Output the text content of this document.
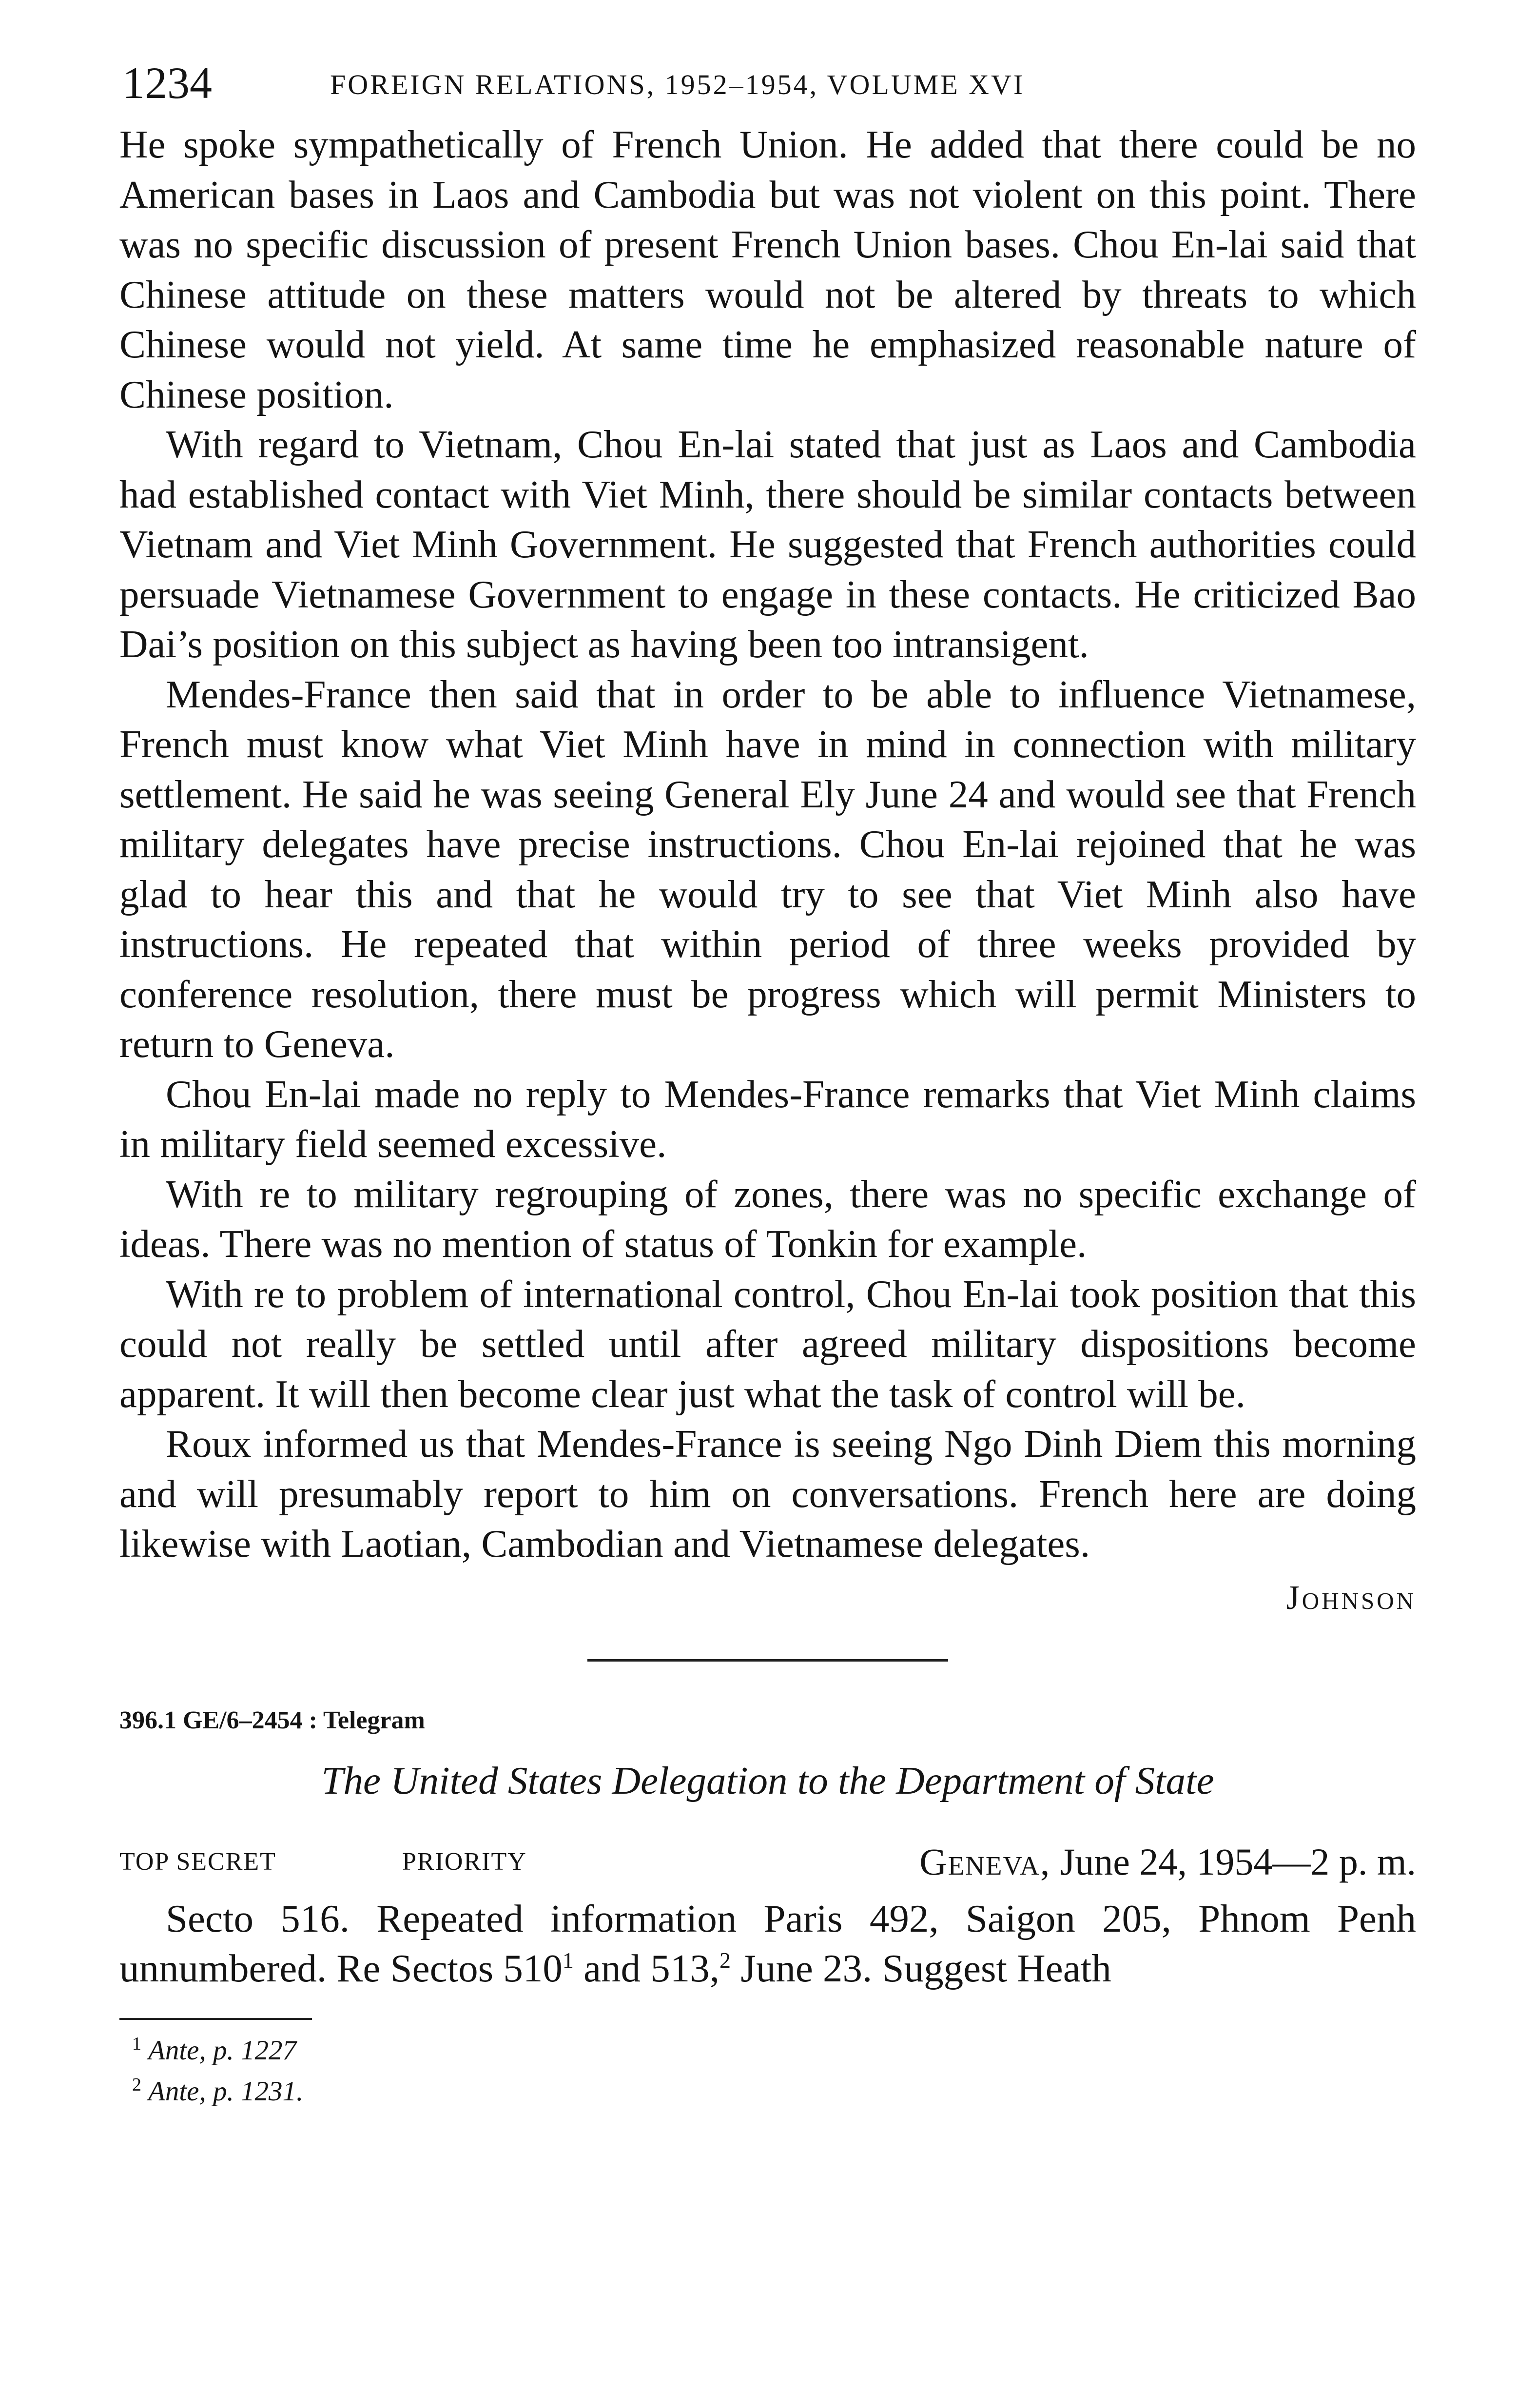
1234	FOREIGN RELATIONS, 1952–1954, VOLUME XVI

He spoke sympathetically of French Union. He added that there could be no American bases in Laos and Cambodia but was not violent on this point. There was no specific discussion of present French Union bases. Chou En-lai said that Chinese attitude on these matters would not be altered by threats to which Chinese would not yield. At same time he emphasized reasonable nature of Chinese position.

With regard to Vietnam, Chou En-lai stated that just as Laos and Cambodia had established contact with Viet Minh, there should be similar contacts between Vietnam and Viet Minh Government. He suggested that French authorities could persuade Vietnamese Government to engage in these contacts. He criticized Bao Dai’s position on this subject as having been too intransigent.

Mendes-France then said that in order to be able to influence Vietnamese, French must know what Viet Minh have in mind in connection with military settlement. He said he was seeing General Ely June 24 and would see that French military delegates have precise instructions. Chou En-lai rejoined that he was glad to hear this and that he would try to see that Viet Minh also have instructions. He repeated that within period of three weeks provided by conference resolution, there must be progress which will permit Ministers to return to Geneva.

Chou En-lai made no reply to Mendes-France remarks that Viet Minh claims in military field seemed excessive.

With re to military regrouping of zones, there was no specific exchange of ideas. There was no mention of status of Tonkin for example.

With re to problem of international control, Chou En-lai took position that this could not really be settled until after agreed military dispositions become apparent. It will then become clear just what the task of control will be.

Roux informed us that Mendes-France is seeing Ngo Dinh Diem this morning and will presumably report to him on conversations. French here are doing likewise with Laotian, Cambodian and Vietnamese delegates.

Johnson

396.1 GE/6–2454 : Telegram

The United States Delegation to the Department of State

TOP SECRET	PRIORITY	Geneva, June 24, 1954—2 p. m.

Secto 516. Repeated information Paris 492, Saigon 205, Phnom Penh unnumbered. Re Sectos $510^1$ and 513,$^2$ June 23. Suggest Heath

$^1$ Ante, p. 1227
$^2$ Ante, p. 1231.
